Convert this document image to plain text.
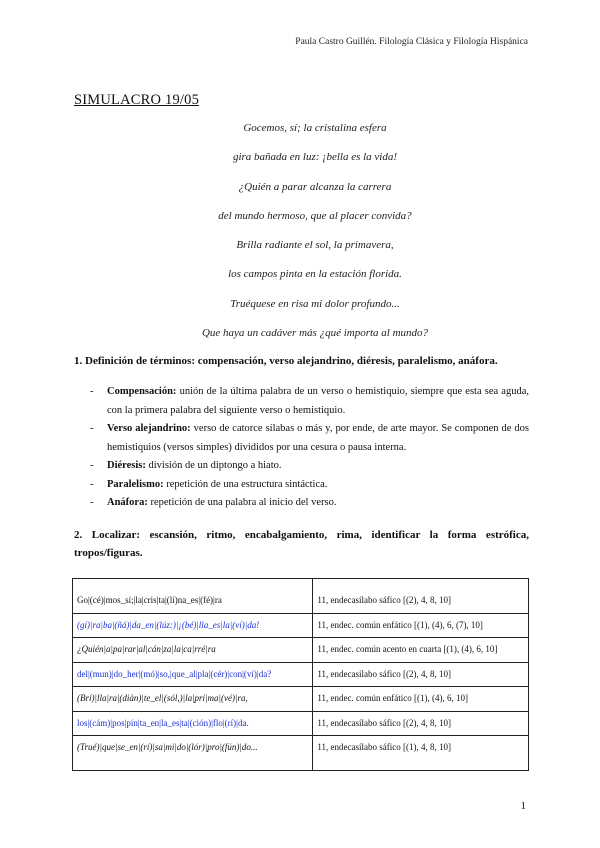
Paula Castro Guillén. Filología Clásica y Filología Hispánica
SIMULACRO 19/05
Gocemos, sí; la cristalina esfera
gira bañada en luz: ¡bella es la vida!
¿Quién a parar alcanza la carrera
del mundo hermoso, que al placer convida?
Brilla radiante el sol, la primavera,
los campos pinta en la estación florida.
Truéquese en risa mi dolor profundo...
Que haya un cadáver más ¿qué importa al mundo?
1. Definición de términos: compensación, verso alejandrino, diéresis, paralelismo, anáfora.
- Compensación: unión de la última palabra de un verso o hemistiquio, siempre que esta sea aguda, con la primera palabra del siguiente verso o hemistiquio.
- Verso alejandrino: verso de catorce sílabas o más y, por ende, de arte mayor. Se componen de dos hemistiquios (versos simples) divididos por una cesura o pausa interna.
- Diéresis: división de un diptongo a hiato.
- Paralelismo: repetición de una estructura sintáctica.
- Anáfora: repetición de una palabra al inicio del verso.
2. Localizar: escansión, ritmo, encabalgamiento, rima, identificar la forma estrófica, tropos/figuras.
Go|(cé)|mos_sí;|la|cris|ta|(lí)na_es|(fé)|ra	11, endecasílabo sáfico [(2), 4, 8, 10]
(gí)|ra|ba|(ñá)|da_en|(lúz:)|¡(bé)|lla_es|la|(ví)|da!	11, endec. común enfático [(1), (4), 6, (7), 10]
¿Quién|a|pa|rar|al|cán|za|la|ca|rré|ra	11, endec. común acento en cuarta [(1), (4), 6, 10]
del|(mun)|do_her|(mó)|so,|que_al|pla|(cér)|con|(ví)|da?	11, endecasílabo sáfico [(2), 4, 8, 10]
(Brí)|lla|ra|(diàn)|te_el|(sól,)|la|pri|ma|(vé)|ra,	11, endec. común enfático [(1), (4), 6, 10]
los|(cám)|pos|pín|ta_en|la_es|ta|(ción)|flo|(rí)|da.	11, endecasílabo sáfico [(2), 4, 8, 10]
(Trué)|que|se_en|(rí)|sa|mi|do|(lór)|pro|(fún)|do...	11, endecasílabo sáfico [(1), 4, 8, 10]
1
